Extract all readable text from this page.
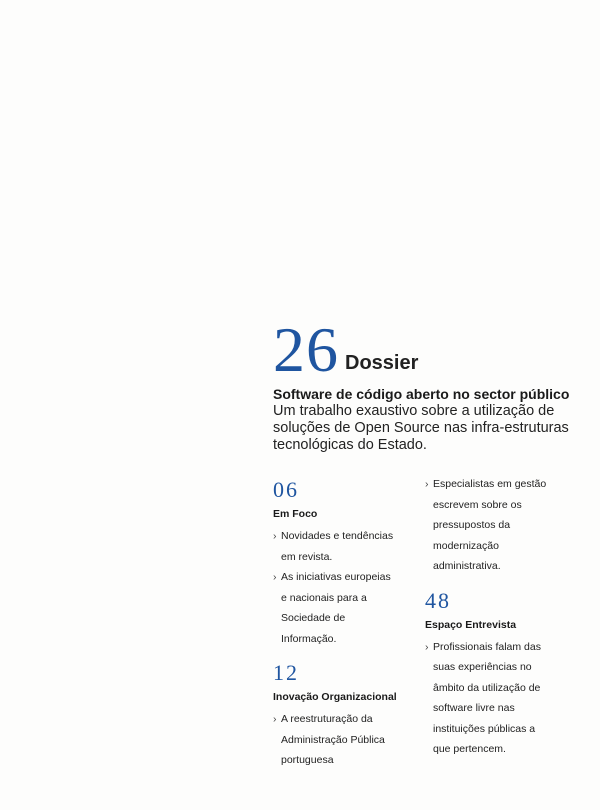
26 Dossier
Software de código aberto no sector público
Um trabalho exaustivo sobre a utilização de soluções de Open Source nas infra-estruturas tecnológicas do Estado.
06
Em Foco
› Novidades e tendências
em revista.
› As iniciativas europeias
e nacionais para a
Sociedade de
Informação.
12
Inovação Organizacional
› A reestruturação da
Administração Pública
portuguesa
› Especialistas em gestão
escrevem sobre os
pressupostos da
modernização
administrativa.
48
Espaço Entrevista
› Profissionais falam das
suas experiências no
âmbito da utilização de
software livre nas
instituições públicas a
que pertencem.
